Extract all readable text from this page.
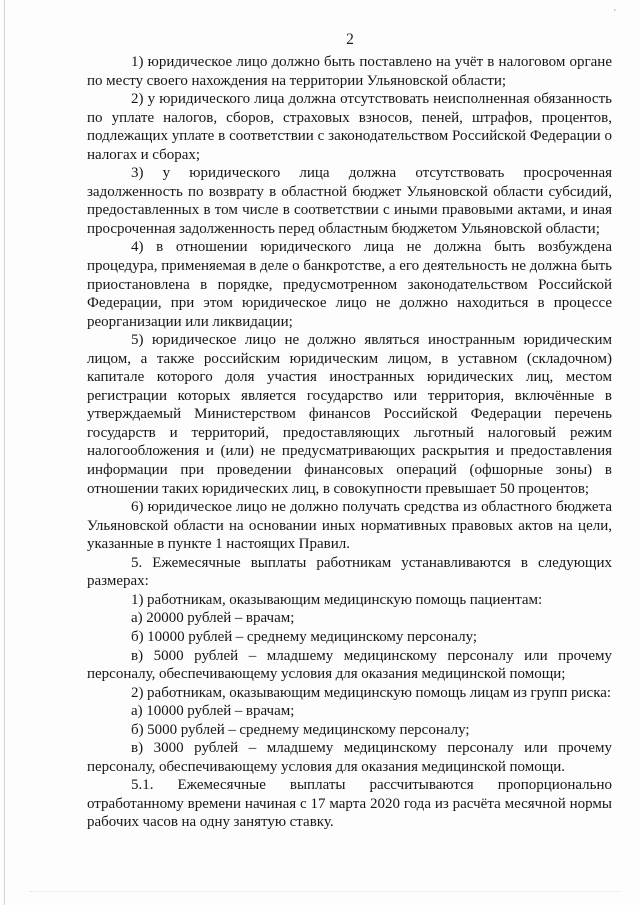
'
2

1) юридическое лицо должно быть поставлено на учёт в налоговом органе по месту своего нахождения на территории Ульяновской области;

2) у юридического лица должна отсутствовать неисполненная обязанность по уплате налогов, сборов, страховых взносов, пеней, штрафов, процентов, подлежащих уплате в соответствии с законодательством Российской Федерации о налогах и сборах;

3) у юридического лица должна отсутствовать просроченная задолженность по возврату в областной бюджет Ульяновской области субсидий, предоставленных в том числе в соответствии с иными правовыми актами, и иная просроченная задолженность перед областным бюджетом Ульяновской области;

4) в отношении юридического лица не должна быть возбуждена процедура, применяемая в деле о банкротстве, а его деятельность не должна быть приостановлена в порядке, предусмотренном законодательством Российской Федерации, при этом юридическое лицо не должно находиться в процессе реорганизации или ликвидации;

5) юридическое лицо не должно являться иностранным юридическим лицом, а также российским юридическим лицом, в уставном (складочном) капитале которого доля участия иностранных юридических лиц, местом регистрации которых является государство или территория, включённые в утверждаемый Министерством финансов Российской Федерации перечень государств и территорий, предоставляющих льготный налоговый режим налогообложения и (или) не предусматривающих раскрытия и предоставления информации при проведении финансовых операций (офшорные зоны) в отношении таких юридических лиц, в совокупности превышает 50 процентов;

6) юридическое лицо не должно получать средства из областного бюджета Ульяновской области на основании иных нормативных правовых актов на цели, указанные в пункте 1 настоящих Правил.

5. Ежемесячные выплаты работникам устанавливаются в следующих размерах:

1) работникам, оказывающим медицинскую помощь пациентам:

а) 20000 рублей – врачам;

б) 10000 рублей – среднему медицинскому персоналу;

в) 5000 рублей – младшему медицинскому персоналу или прочему персоналу, обеспечивающему условия для оказания медицинской помощи;

2) работникам, оказывающим медицинскую помощь лицам из групп риска:

а) 10000 рублей – врачам;

б) 5000 рублей – среднему медицинскому персоналу;

в) 3000 рублей – младшему медицинскому персоналу или прочему персоналу, обеспечивающему условия для оказания медицинской помощи.

5.1. Ежемесячные выплаты рассчитываются пропорционально отработанному времени начиная с 17 марта 2020 года из расчёта месячной нормы рабочих часов на одну занятую ставку.
